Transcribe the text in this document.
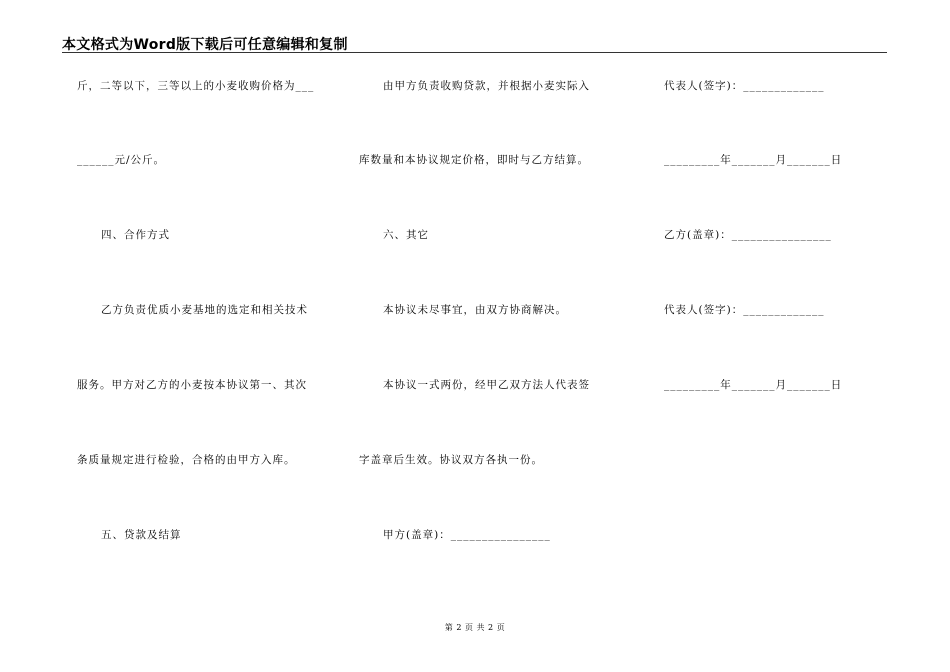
本文格式为Word版下载后可任意编辑和复制
斤，二等以下，三等以上的小麦收购价格为___
______元/公斤。
四、合作方式
乙方负责优质小麦基地的选定和相关技术
服务。甲方对乙方的小麦按本协议第一、其次
条质量规定进行检验，合格的由甲方入库。
五、贷款及结算
由甲方负责收购贷款，并根据小麦实际入
库数量和本协议规定价格，即时与乙方结算。
六、其它
本协议未尽事宜，由双方协商解决。
本协议一式两份，经甲乙双方法人代表签
字盖章后生效。协议双方各执一份。
甲方(盖章)：________________
代表人(签字)：_____________
_________年_______月_______日
乙方(盖章)：________________
代表人(签字)：_____________
_________年_______月_______日
第 2 页 共 2 页
